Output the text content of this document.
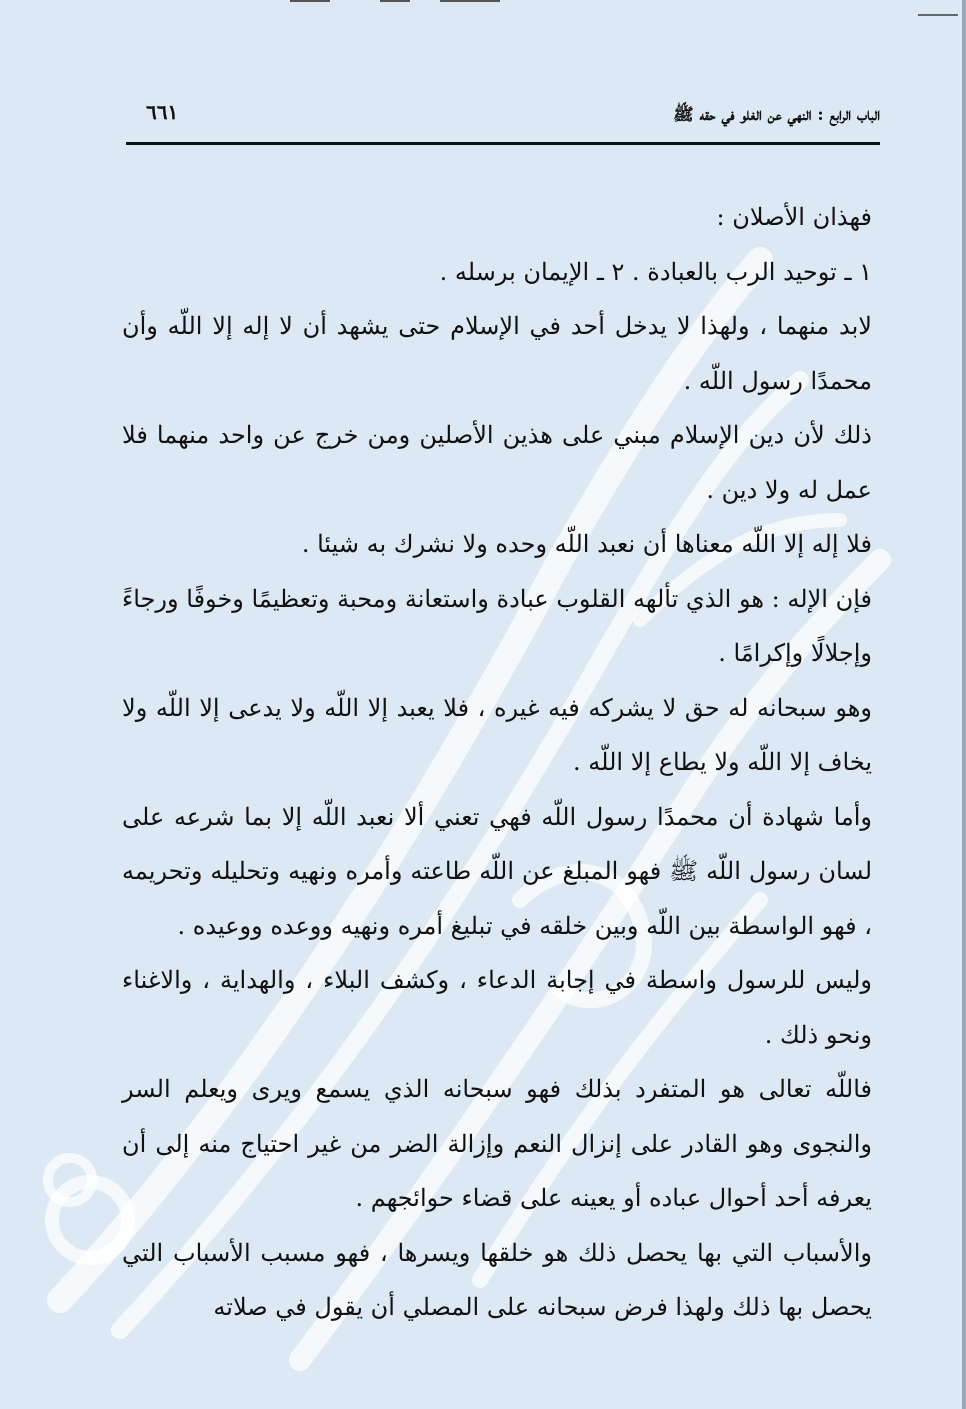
الباب الرابع : النهي عن الغلو في حقه ﷺ
٦٦١

فهذان الأصلان :

١ ـ توحيد الرب بالعبادة . ٢ ـ الإيمان برسله .

لابد منهما ، ولهذا لا يدخل أحد في الإسلام حتى يشهد أن لا إله إلا اللّه وأن محمدًا رسول اللّه .

ذلك لأن دين الإسلام مبني على هذين الأصلين ومن خرج عن واحد منهما فلا عمل له ولا دين .

فلا إله إلا اللّه معناها أن نعبد اللّه وحده ولا نشرك به شيئا .

فإن الإله : هو الذي تألهه القلوب عبادة واستعانة ومحبة وتعظيمًا وخوفًا ورجاءً وإجلالًا وإكرامًا .

وهو سبحانه له حق لا يشركه فيه غيره ، فلا يعبد إلا اللّه ولا يدعى إلا اللّه ولا يخاف إلا اللّه ولا يطاع إلا اللّه .

وأما شهادة أن محمدًا رسول اللّه فهي تعني ألا نعبد اللّه إلا بما شرعه على لسان رسول اللّه ﷺ فهو المبلغ عن اللّه طاعته وأمره ونهيه وتحليله وتحريمه ، فهو الواسطة بين اللّه وبين خلقه في تبليغ أمره ونهيه ووعده ووعيده .

وليس للرسول واسطة في إجابة الدعاء ، وكشف البلاء ، والهداية ، والاغناء ونحو ذلك .

فاللّه تعالى هو المتفرد بذلك فهو سبحانه الذي يسمع ويرى ويعلم السر والنجوى وهو القادر على إنزال النعم وإزالة الضر من غير احتياج منه إلى أن يعرفه أحد أحوال عباده أو يعينه على قضاء حوائجهم .

والأسباب التي بها يحصل ذلك هو خلقها ويسرها ، فهو مسبب الأسباب التي يحصل بها ذلك ولهذا فرض سبحانه على المصلي أن يقول في صلاته
